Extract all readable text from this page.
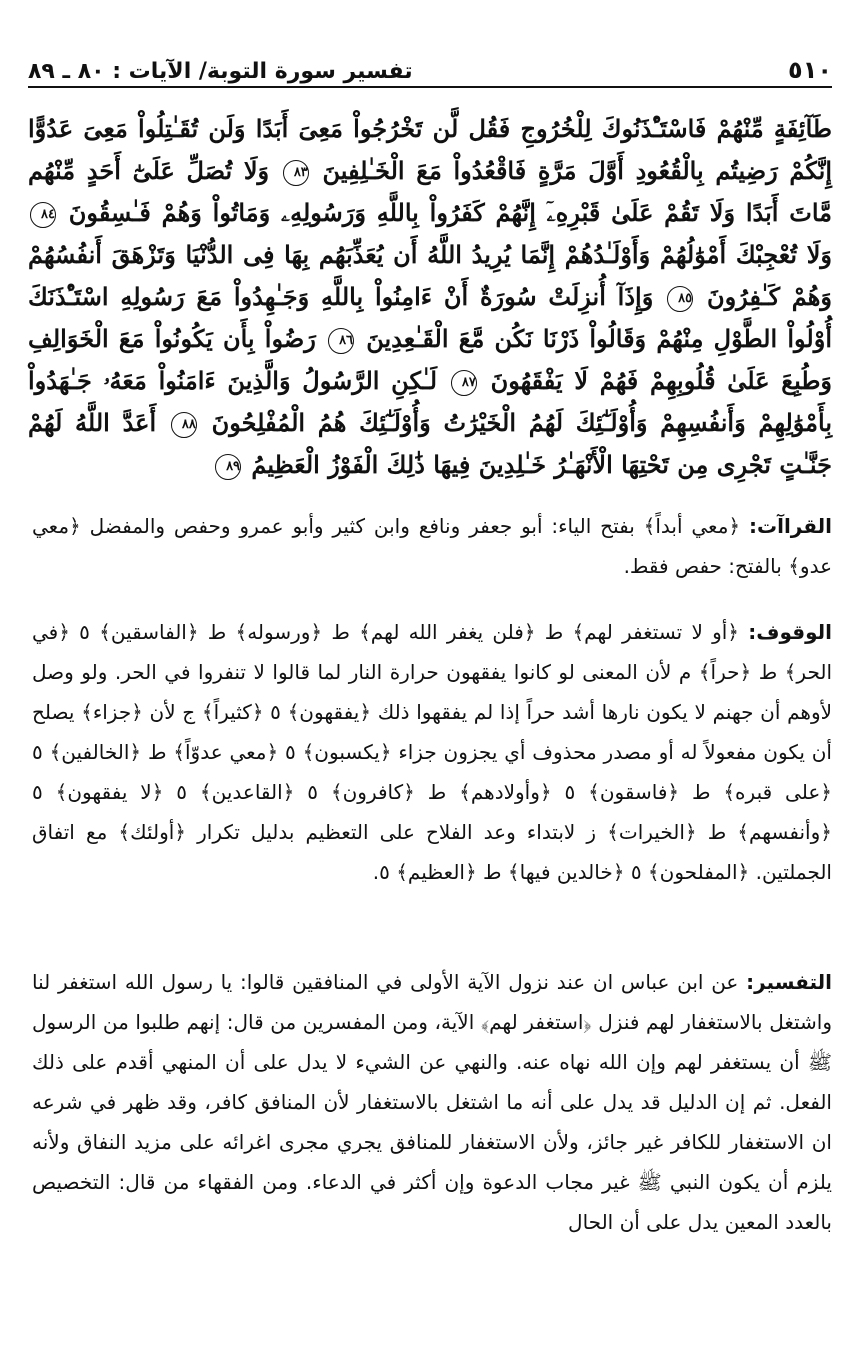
تفسير سورة التوبة/ الآيات : ٨٠ ـ ٨٩	٥١٠
طَآئِفَةٍ مِّنْهُمْ فَاسْتَـْٔذَنُوكَ لِلْخُرُوجِ فَقُل لَّن تَخْرُجُواْ مَعِىَ أَبَدًا وَلَن تُقَـٰتِلُواْ مَعِىَ عَدُوًّا إِنَّكُمْ رَضِيتُم بِالْقُعُودِ أَوَّلَ مَرَّةٍ فَاقْعُدُواْ مَعَ الْخَـٰلِفِينَ ٨٣ وَلَا تُصَلِّ عَلَىٰٓ أَحَدٍ مِّنْهُم مَّاتَ أَبَدًا وَلَا تَقُمْ عَلَىٰ قَبْرِهِۦٓ إِنَّهُمْ كَفَرُواْ بِاللَّهِ وَرَسُولِهِۦ وَمَاتُواْ وَهُمْ فَـٰسِقُونَ ٨٤ وَلَا تُعْجِبْكَ أَمْوَٰلُهُمْ وَأَوْلَـٰدُهُمْ إِنَّمَا يُرِيدُ اللَّهُ أَن يُعَذِّبَهُم بِهَا فِى الدُّنْيَا وَتَزْهَقَ أَنفُسُهُمْ وَهُمْ كَـٰفِرُونَ ٨٥ وَإِذَآ أُنزِلَتْ سُورَةٌ أَنْ ءَامِنُواْ بِاللَّهِ وَجَـٰهِدُواْ مَعَ رَسُولِهِ اسْتَـْٔذَنَكَ أُوْلُواْ الطَّوْلِ مِنْهُمْ وَقَالُواْ ذَرْنَا نَكُن مَّعَ الْقَـٰعِدِينَ ٨٦ رَضُواْ بِأَن يَكُونُواْ مَعَ الْخَوَالِفِ وَطُبِعَ عَلَىٰ قُلُوبِهِمْ فَهُمْ لَا يَفْقَهُونَ ٨٧ لَـٰكِنِ الرَّسُولُ وَالَّذِينَ ءَامَنُواْ مَعَهُۥ جَـٰهَدُواْ بِأَمْوَٰلِهِمْ وَأَنفُسِهِمْ وَأُوْلَـٰٓئِكَ لَهُمُ الْخَيْرَٰتُ وَأُوْلَـٰٓئِكَ هُمُ الْمُفْلِحُونَ ٨٨ أَعَدَّ اللَّهُ لَهُمْ جَنَّـٰتٍ تَجْرِى مِن تَحْتِهَا الْأَنْهَـٰرُ خَـٰلِدِينَ فِيهَا ذَٰلِكَ الْفَوْزُ الْعَظِيمُ ٨٩
القراآت: ﴿معي أبداً﴾ بفتح الياء: أبو جعفر ونافع وابن كثير وأبو عمرو وحفص والمفضل ﴿معي عدو﴾ بالفتح: حفص فقط.
الوقوف: ﴿أو لا تستغفر لهم﴾ ط ﴿فلن يغفر الله لهم﴾ ط ﴿ورسوله﴾ ط ﴿الفاسقين﴾ ٥ ﴿في الحر﴾ ط ﴿حراً﴾ م لأن المعنى لو كانوا يفقهون حرارة النار لما قالوا لا تنفروا في الحر. ولو وصل لأوهم أن جهنم لا يكون نارها أشد حراً إذا لم يفقهوا ذلك ﴿يفقهون﴾ ٥ ﴿كثيراً﴾ ج لأن ﴿جزاء﴾ يصلح أن يكون مفعولاً له أو مصدر محذوف أي يجزون جزاء ﴿يكسبون﴾ ٥ ﴿معي عدوّاً﴾ ط ﴿الخالفين﴾ ٥ ﴿على قبره﴾ ط ﴿فاسقون﴾ ٥ ﴿وأولادهم﴾ ط ﴿كافرون﴾ ٥ ﴿القاعدين﴾ ٥ ﴿لا يفقهون﴾ ٥ ﴿وأنفسهم﴾ ط ﴿الخيرات﴾ ز لابتداء وعد الفلاح على التعظيم بدليل تكرار ﴿أولئك﴾ مع اتفاق الجملتين. ﴿المفلحون﴾ ٥ ﴿خالدين فيها﴾ ط ﴿العظيم﴾ ٥.
التفسير: عن ابن عباس ان عند نزول الآية الأولى في المنافقين قالوا: يا رسول الله استغفر لنا واشتغل بالاستغفار لهم فنزل ﴿استغفر لهم﴾ الآية، ومن المفسرين من قال: إنهم طلبوا من الرسول ﷺ أن يستغفر لهم وإن الله نهاه عنه. والنهي عن الشيء لا يدل على أن المنهي أقدم على ذلك الفعل. ثم إن الدليل قد يدل على أنه ما اشتغل بالاستغفار لأن المنافق كافر، وقد ظهر في شرعه ان الاستغفار للكافر غير جائز، ولأن الاستغفار للمنافق يجري مجرى اغرائه على مزيد النفاق ولأنه يلزم أن يكون النبي ﷺ غير مجاب الدعوة وإن أكثر في الدعاء. ومن الفقهاء من قال: التخصيص بالعدد المعين يدل على أن الحال
